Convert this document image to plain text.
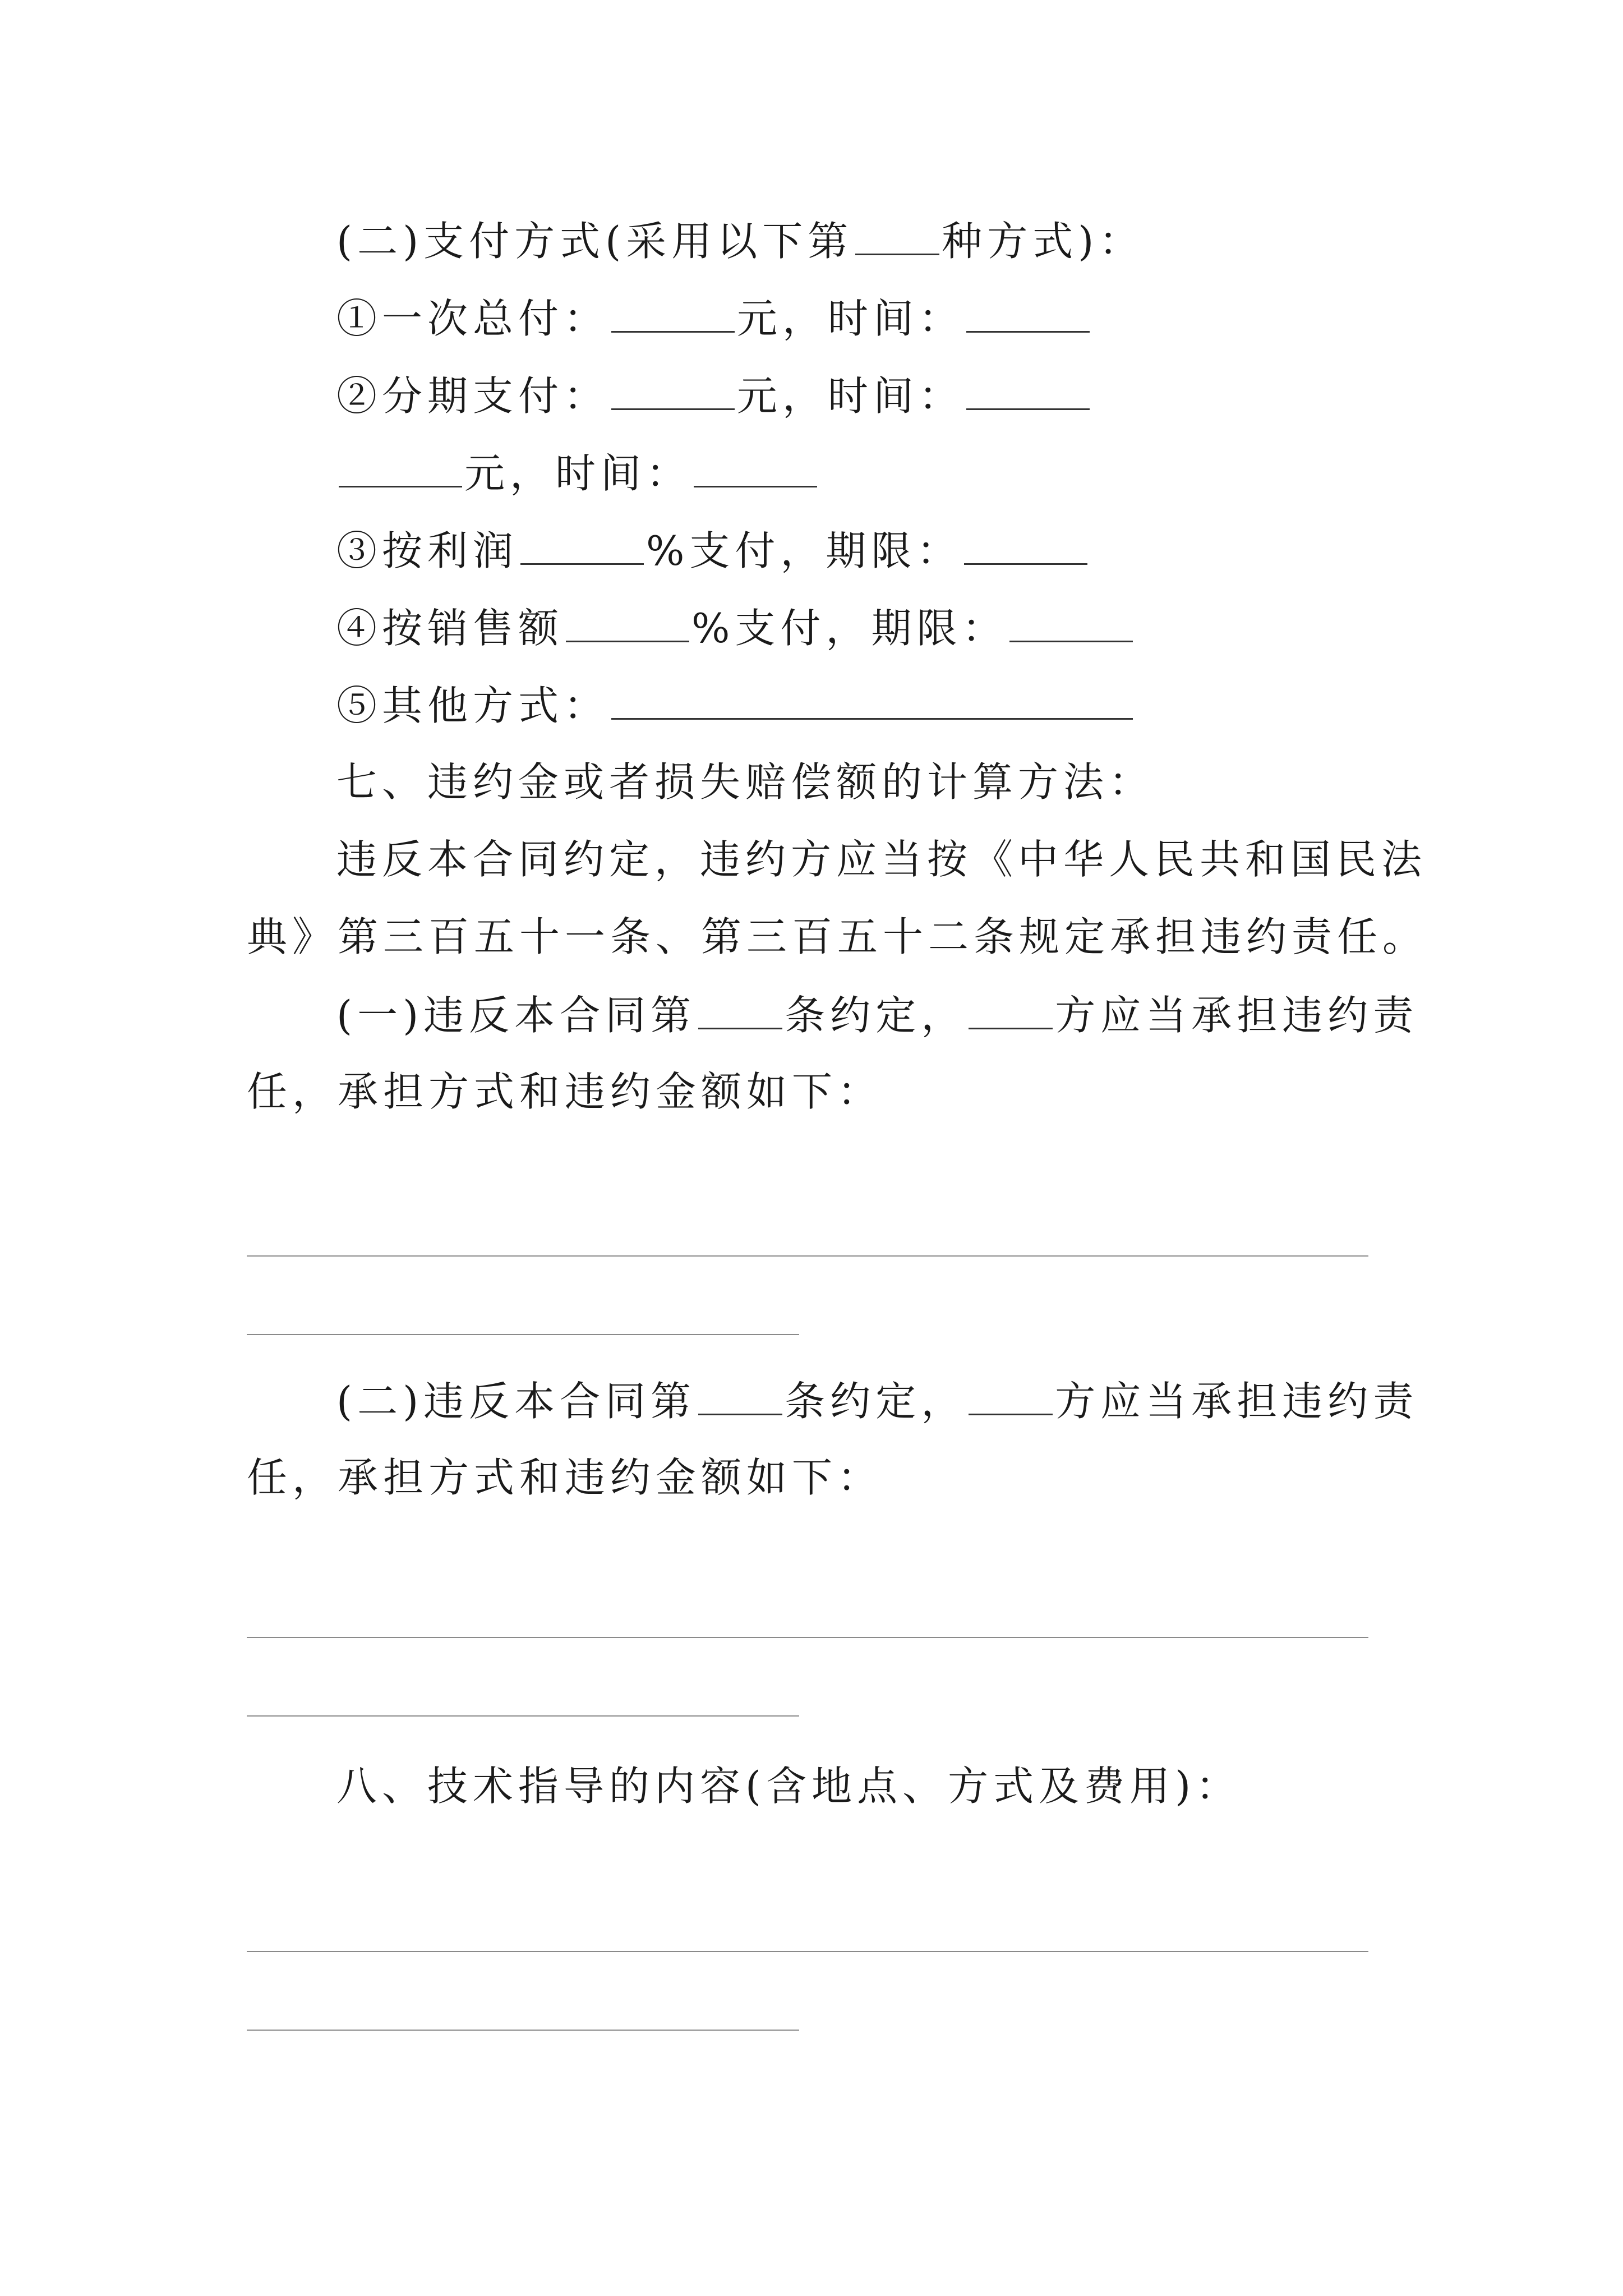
(二)支付方式(采用以下第 种方式)：
①一次总付：	元，时间：
②分期支付：	元，时间：
元，时间：
③按利润	%支付，期限：
④按销售额	%支付，期限：
⑤其他方式：
七、违约金或者损失赔偿额的计算方法：
违反本合同约定，违约方应当按《中华人民共和国民法
典》第三百五十一条、第三百五十二条规定承担违约责任。
(一)违反本合同第 条约定， 方应当承担违约责
任，承担方式和违约金额如下：
(二)违反本合同第 条约定， 方应当承担违约责
任，承担方式和违约金额如下：
八、技术指导的内容(含地点、方式及费用)：
